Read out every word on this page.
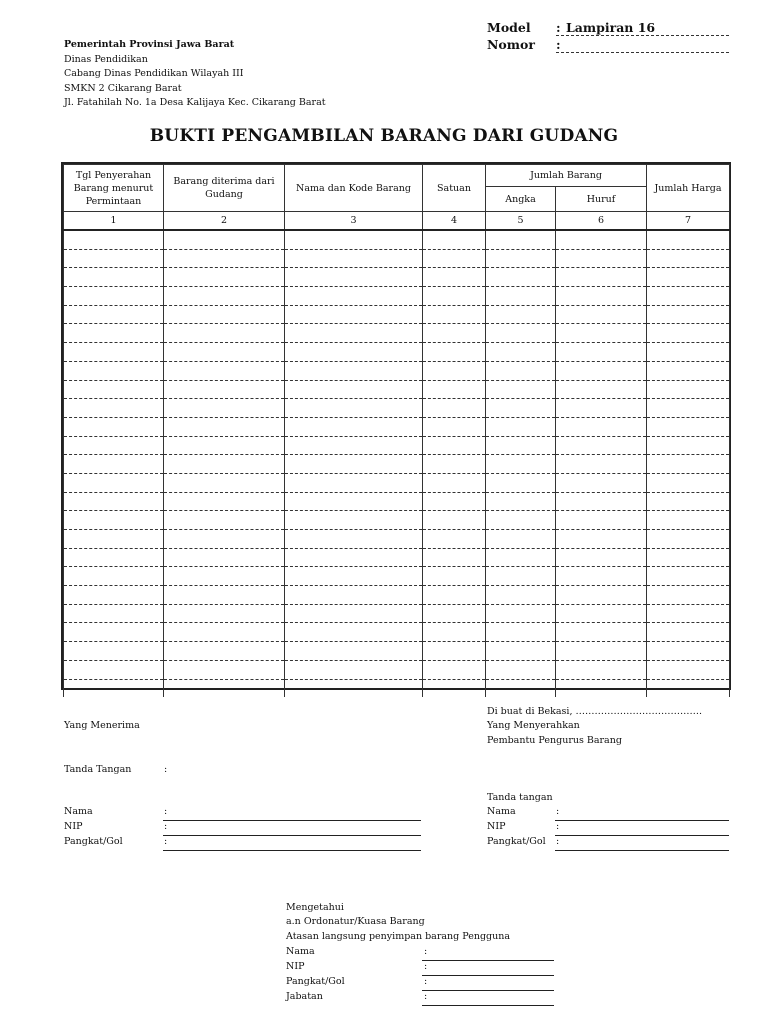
Model : Lampiran 16
Nomor :
Pemerintah Provinsi Jawa Barat
Dinas Pendidikan
Cabang Dinas Pendidikan Wilayah III
SMKN 2 Cikarang Barat
Jl. Fatahilah No. 1a Desa Kalijaya Kec. Cikarang Barat
BUKTI PENGAMBILAN BARANG DARI GUDANG
Tgl Penyerahan Barang menurut Permintaan	Barang diterima dari Gudang	Nama dan Kode Barang	Satuan	Jumlah Barang		Jumlah Harga
				Angka	Huruf	
1	2	3	4	5	6	7

Di buat di Bekasi, ………………………………….
Yang Menyerahkan
Pembantu Pengurus Barang
Yang Menerima
Tanda Tangan	:
Tanda tangan
Nama	:
NIP	:
Pangkat/Gol	:
Nama	:
NIP	:
Pangkat/Gol :
Mengetahui
a.n Ordonatur/Kuasa Barang
Atasan langsung penyimpan barang Pengguna
Nama	:
NIP	:
Pangkat/Gol	:
Jabatan	:
